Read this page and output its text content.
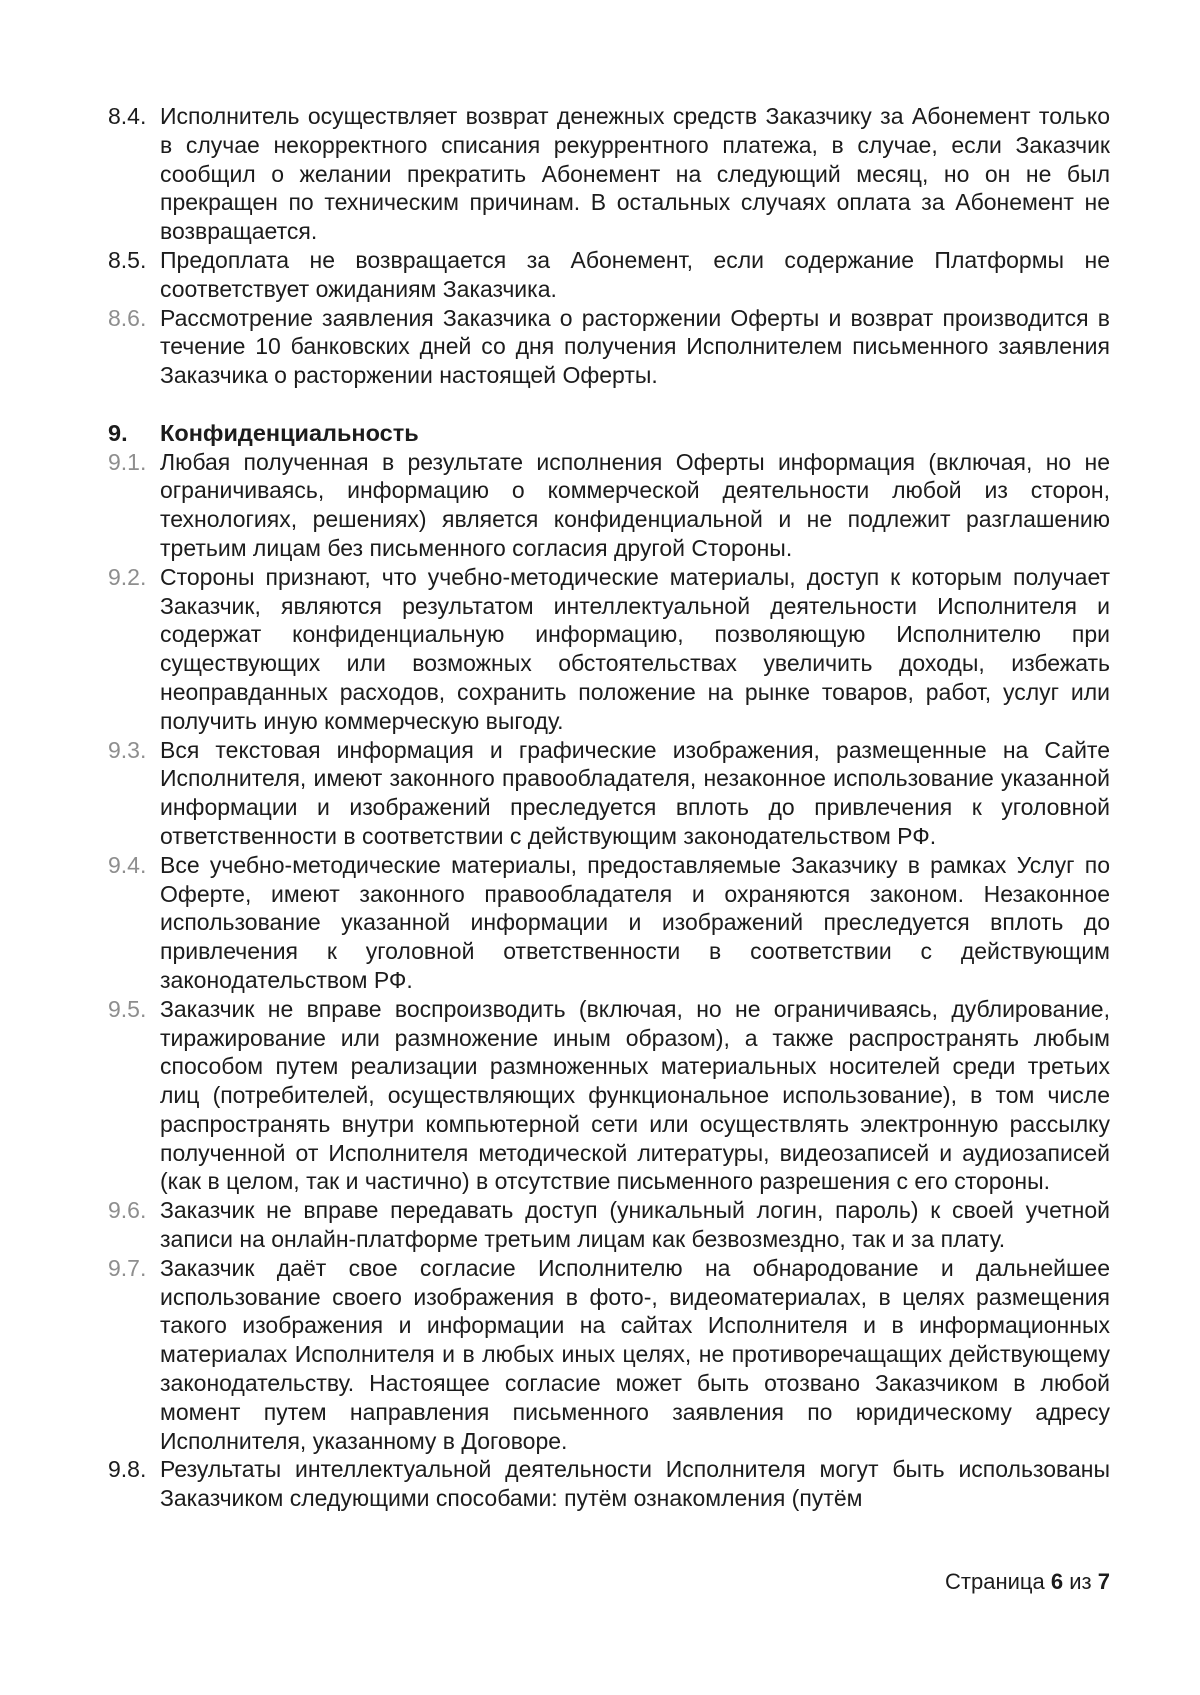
8.4. Исполнитель осуществляет возврат денежных средств Заказчику за Абонемент только в случае некорректного списания рекуррентного платежа, в случае, если Заказчик сообщил о желании прекратить Абонемент на следующий месяц, но он не был прекращен по техническим причинам. В остальных случаях оплата за Абонемент не возвращается.
8.5. Предоплата не возвращается за Абонемент, если содержание Платформы не соответствует ожиданиям Заказчика.
8.6. Рассмотрение заявления Заказчика о расторжении Оферты и возврат производится в течение 10 банковских дней со дня получения Исполнителем письменного заявления Заказчика о расторжении настоящей Оферты.
9.	Конфиденциальность
9.1. Любая полученная в результате исполнения Оферты информация (включая, но не ограничиваясь, информацию о коммерческой деятельности любой из сторон, технологиях, решениях) является конфиденциальной и не подлежит разглашению третьим лицам без письменного согласия другой Стороны.
9.2. Стороны признают, что учебно-методические материалы, доступ к которым получает Заказчик, являются результатом интеллектуальной деятельности Исполнителя и содержат конфиденциальную информацию, позволяющую Исполнителю при существующих или возможных обстоятельствах увеличить доходы, избежать неоправданных расходов, сохранить положение на рынке товаров, работ, услуг или получить иную коммерческую выгоду.
9.3. Вся текстовая информация и графические изображения, размещенные на Сайте Исполнителя, имеют законного правообладателя, незаконное использование указанной информации и изображений преследуется вплоть до привлечения к уголовной ответственности в соответствии с действующим законодательством РФ.
9.4. Все учебно-методические материалы, предоставляемые Заказчику в рамках Услуг по Оферте, имеют законного правообладателя и охраняются законом. Незаконное использование указанной информации и изображений преследуется вплоть до привлечения к уголовной ответственности в соответствии с действующим законодательством РФ.
9.5. Заказчик не вправе воспроизводить (включая, но не ограничиваясь, дублирование, тиражирование или размножение иным образом), а также распространять любым способом путем реализации размноженных материальных носителей среди третьих лиц (потребителей, осуществляющих функциональное использование), в том числе распространять внутри компьютерной сети или осуществлять электронную рассылку полученной от Исполнителя методической литературы, видеозаписей и аудиозаписей (как в целом, так и частично) в отсутствие письменного разрешения с его стороны.
9.6. Заказчик не вправе передавать доступ (уникальный логин, пароль) к своей учетной записи на онлайн-платформе третьим лицам как безвозмездно, так и за плату.
9.7. Заказчик даёт свое согласие Исполнителю на обнародование и дальнейшее использование своего изображения в фото-, видеоматериалах, в целях размещения такого изображения и информации на сайтах Исполнителя и в информационных материалах Исполнителя и в любых иных целях, не противоречащащих действующему законодательству. Настоящее согласие может быть отозвано Заказчиком в любой момент путем направления письменного заявления по юридическому адресу Исполнителя, указанному в Договоре.
9.8. Результаты интеллектуальной деятельности Исполнителя могут быть использованы Заказчиком следующими способами: путём ознакомления (путём
Страница 6 из 7
